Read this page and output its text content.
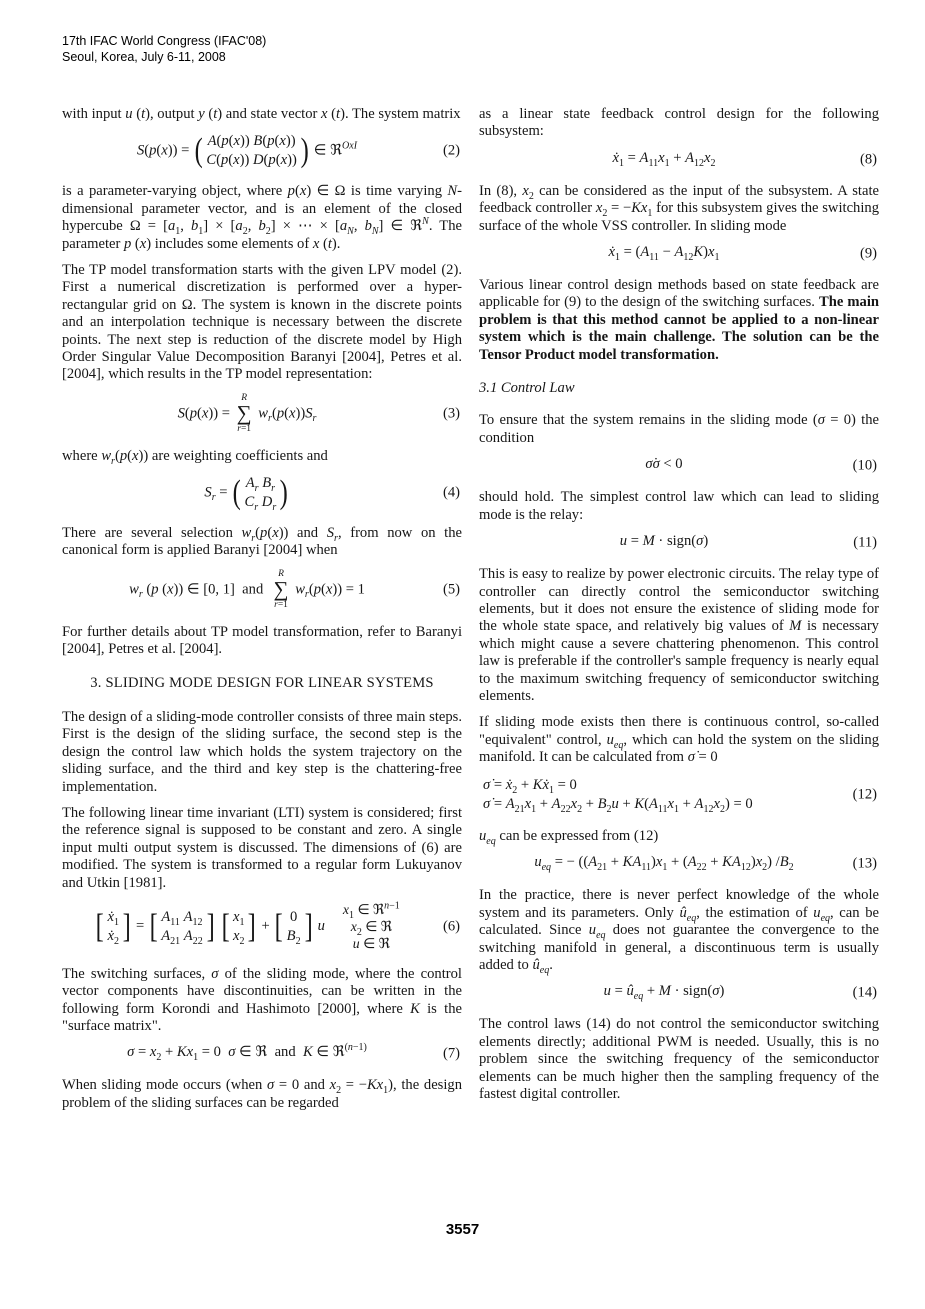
17th IFAC World Congress (IFAC'08)
Seoul, Korea, July 6-11, 2008

with input u (t), output y (t) and state vector x (t). The system matrix

S(p(x)) = ( A(p(x)) B(p(x))
C(p(x)) D(p(x)) ) ∈ ℜ$^{OxI}$	(2)

is a parameter-varying object, where p(x) ∈ Ω is time varying N-dimensional parameter vector, and is an element of the closed hypercube $\Omega = [a_1$, $b_1] \times [a_2$, $b_2$] × ⋯ × [$a_N$, $b_N$] ∈ ℜ$^N$. The parameter p (x) includes some elements of x (t).

The TP model transformation starts with the given LPV model (2). First a numerical discretization is performed over a hyper-rectangular grid on Ω. The system is known in the discrete points and an interpolation technique is necessary between the discrete points. The next step is reduction of the discrete model by High Order Singular Value Decomposition Baranyi [2004], Petres et al. [2004], which results in the TP model representation:

S(p(x)) =
R
∑
r=1
$w_r(p(x))S_r$	(3)

where $w_r(p(x))$ are weighting coefficients and

$S_r$ = ( $A_r$ $B_r$
$C_r$ $D_r$ )	(4)

There are several selection $w_r(p(x))$ and $S_r$, from now on the canonical form is applied Baranyi [2004] when

$w_r$ (p (x)) ∈ [0, 1]  and
R
∑
r=1
$w_r(p(x)) = 1$	(5)

For further details about TP model transformation, refer to Baranyi [2004], Petres et al. [2004].

3. SLIDING MODE DESIGN FOR LINEAR SYSTEMS

The design of a sliding-mode controller consists of three main steps. First is the design of the sliding surface, the second step is the design the control law which holds the system trajectory on the sliding surface, and the third and key step is the chattering-free implementation.

The following linear time invariant (LTI) system is considered; first the reference signal is supposed to be constant and zero. A single input multi output system is discussed. The dimensions of (6) are modified. The system is transformed to a regular form Lukuyanov and Utkin [1981].

[ ẋ$_1$
ẋ$_2$ ] = [ $A_{11}$ $A_{12}$
$A_{21}$ $A_{22}$ ]
[ $x_1$
$x_2$ ] + [ 0
$B_2$ ] u
$x_1$ ∈ ℜ$^{n-1}$
$x_2$ ∈ ℜ
u ∈ ℜ
(6)

The switching surfaces, σ of the sliding mode, where the control vector components have discontinuities, can be written in the following form Korondi and Hashimoto [2000], where K is the "surface matrix".

$\sigma = x_2 + Kx_1 = 0$  σ ∈ ℜ  and  K ∈ ℜ$^{(n-1)}$	(7)

When sliding mode occurs (when σ = 0 and $x_2 = -Kx_1$), the design problem of the sliding surfaces can be regarded

as a linear state feedback control design for the following subsystem:

ẋ$_1$ = $A_{11}x_1 + A_{12}x_2$	(8)

In (8), $x_2$ can be considered as the input of the subsystem. A state feedback controller $x_2 = -Kx_1$ for this subsystem gives the switching surface of the whole VSS controller. In sliding mode

ẋ$_1$ = $(A_{11} - A_{12}K)x_1$	(9)

Various linear control design methods based on state feedback are applicable for (9) to the design of the switching surfaces. The main problem is that this method cannot be applied to a non-linear system which is the main challenge. The solution can be the Tensor Product model transformation.

3.1 Control Law

To ensure that the system remains in the sliding mode (σ = 0) the condition

σ̇σ < 0	(10)

should hold. The simplest control law which can lead to sliding mode is the relay:

u = M · sign(σ)	(11)

This is easy to realize by power electronic circuits. The relay type of controller can directly control the semiconductor switching elements, but it does not ensure the existence of sliding mode for the whole state space, and relatively big values of M is necessary which might cause a severe chattering phenomenon. This control law is preferable if the controller's sample frequency is nearly equal to the maximum switching frequency of semiconductor switching elements.

If sliding mode exists then there is continuous control, so-called "equivalent" control, $u_{eq}$, which can hold the system on the sliding manifold. It can be calculated from σ̇ = 0

σ̇ = ẋ$_2$ + Kẋ$_1$ = 0
σ̇ = $A_{21}x_1 + A_{22}x_2 + B_2u + K(A_{11}x_1 + A_{12}x_2) = 0$
(12)

$u_{eq}$ can be expressed from (12)

$u_{eq}$ = − $((A_{21} + KA_{11})x_1 + (A_{22} + KA_{12})x_2)$ $/B_2$	(13)

In the practice, there is never perfect knowledge of the whole system and its parameters. Only $û_{eq}$, the estimation of $u_{eq}$, can be calculated. Since $u_{eq}$ does not guarantee the convergence to the switching manifold in general, a discontinuous term is usually added to $û_{eq}$.

$u = û_{eq} + M$ · sign(σ)	(14)

The control laws (14) do not control the semiconductor switching elements directly; additional PWM is needed. Usually, this is no problem since the switching frequency of the semiconductor elements can be much higher then the sampling frequency of the fastest digital controller.

3557
